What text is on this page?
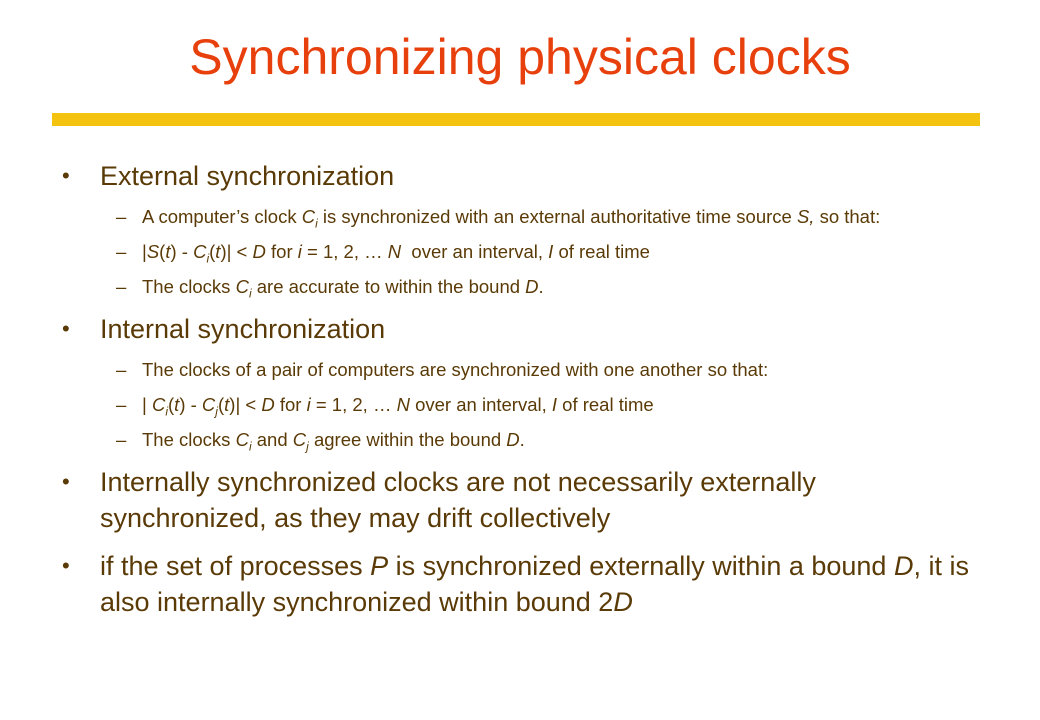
Synchronizing physical clocks
• External synchronization
– A computer’s clock $C_i$ is synchronized with an external authoritative time source S, so that:
– $|S(t) - C_i(t)| < D$ for i = 1, 2, … N  over an interval, I of real time
– The clocks $C_i$ are accurate to within the bound D.
• Internal synchronization
– The clocks of a pair of computers are synchronized with one another so that:
– | $C_i(t) - C_j(t)| < D$ for i = 1, 2, … N over an interval, I of real time
– The clocks $C_i$ and $C_j$ agree within the bound D.
• Internally synchronized clocks are not necessarily externally synchronized, as they may drift collectively
• if the set of processes P is synchronized externally within a bound D, it is also internally synchronized within bound 2D
